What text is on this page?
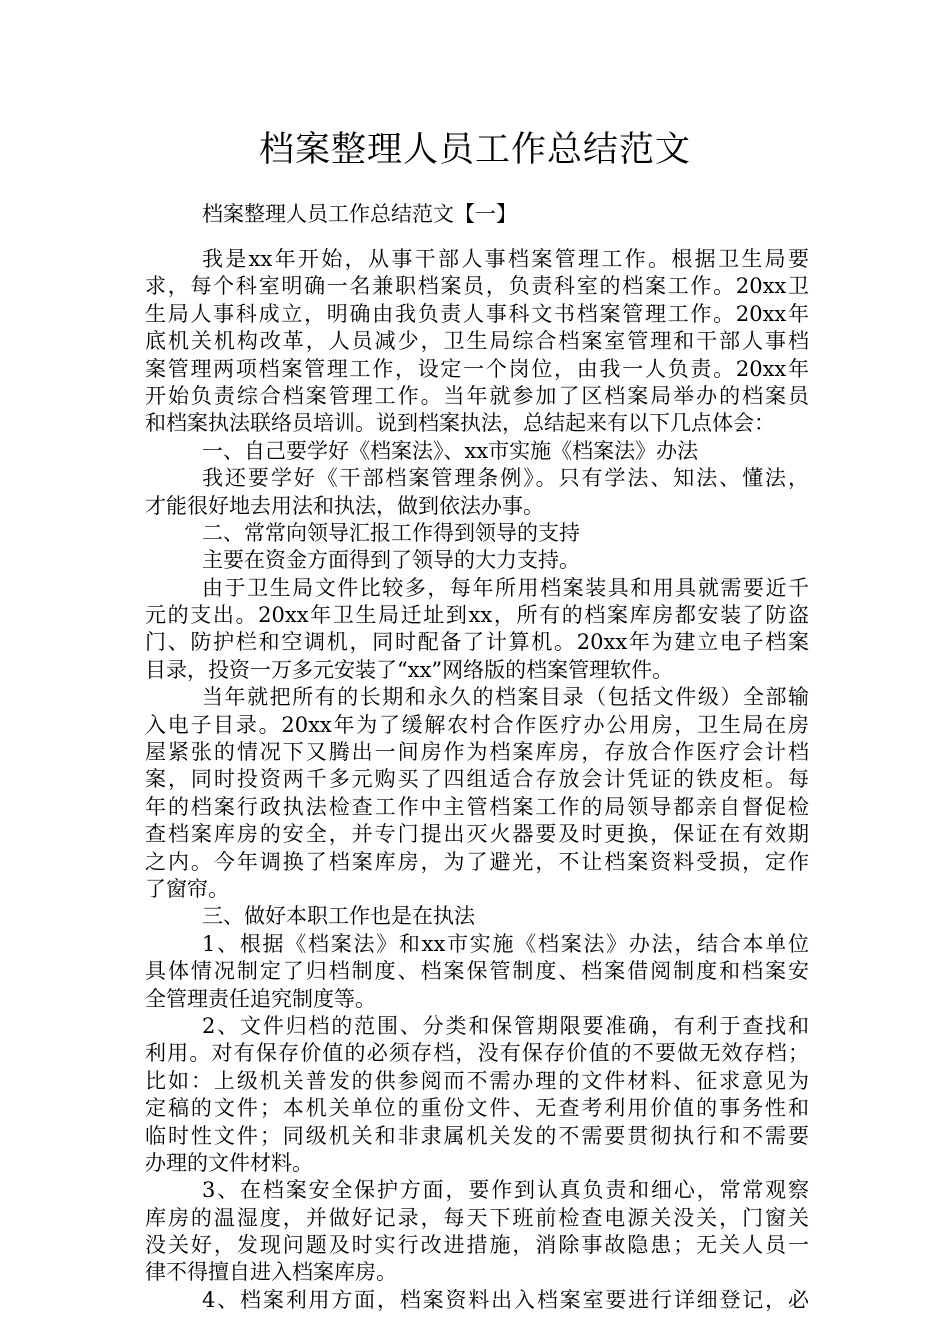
档案整理人员工作总结范文
档案整理人员工作总结范文【一】
我是xx年开始，从事干部人事档案管理工作。根据卫生局要
求，每个科室明确一名兼职档案员，负责科室的档案工作。20xx卫
生局人事科成立，明确由我负责人事科文书档案管理工作。20xx年
底机关机构改革，人员减少，卫生局综合档案室管理和干部人事档
案管理两项档案管理工作，设定一个岗位，由我一人负责。20xx年
开始负责综合档案管理工作。当年就参加了区档案局举办的档案员
和档案执法联络员培训。说到档案执法，总结起来有以下几点体会：
一、自己要学好《档案法》、xx市实施《档案法》办法
我还要学好《干部档案管理条例》。只有学法、知法、懂法，
才能很好地去用法和执法，做到依法办事。
二、常常向领导汇报工作得到领导的支持
主要在资金方面得到了领导的大力支持。
由于卫生局文件比较多，每年所用档案装具和用具就需要近千
元的支出。20xx年卫生局迁址到xx，所有的档案库房都安装了防盗
门、防护栏和空调机，同时配备了计算机。20xx年为建立电子档案
目录，投资一万多元安装了“xx”网络版的档案管理软件。
当年就把所有的长期和永久的档案目录（包括文件级）全部输
入电子目录。20xx年为了缓解农村合作医疗办公用房，卫生局在房
屋紧张的情况下又腾出一间房作为档案库房，存放合作医疗会计档
案，同时投资两千多元购买了四组适合存放会计凭证的铁皮柜。每
年的档案行政执法检查工作中主管档案工作的局领导都亲自督促检
查档案库房的安全，并专门提出灭火器要及时更换，保证在有效期
之内。今年调换了档案库房，为了避光，不让档案资料受损，定作
了窗帘。
三、做好本职工作也是在执法
1、根据《档案法》和xx市实施《档案法》办法，结合本单位
具体情况制定了归档制度、档案保管制度、档案借阅制度和档案安
全管理责任追究制度等。
2、文件归档的范围、分类和保管期限要准确，有利于查找和
利用。对有保存价值的必须存档，没有保存价值的不要做无效存档；
比如：上级机关普发的供参阅而不需办理的文件材料、征求意见为
定稿的文件；本机关单位的重份文件、无查考利用价值的事务性和
临时性文件；同级机关和非隶属机关发的不需要贯彻执行和不需要
办理的文件材料。
3、在档案安全保护方面，要作到认真负责和细心，常常观察
库房的温湿度，并做好记录，每天下班前检查电源关没关，门窗关
没关好，发现问题及时实行改进措施，消除事故隐患；无关人员一
律不得擅自进入档案库房。
4、档案利用方面，档案资料出入档案室要进行详细登记，必
